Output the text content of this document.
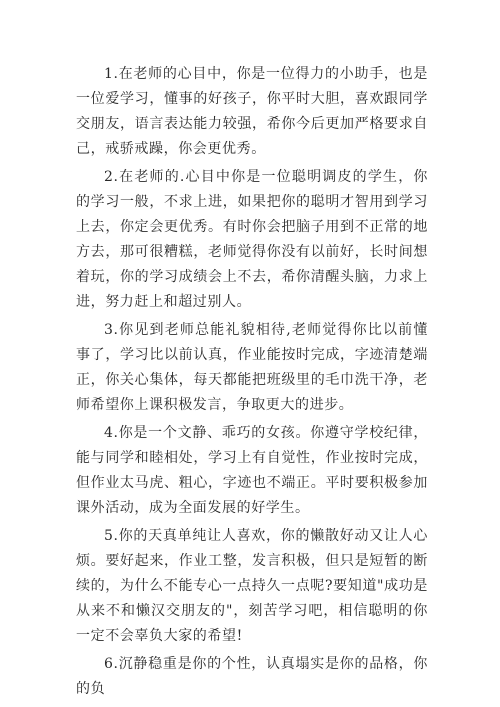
1.在老师的心目中，你是一位得力的小助手，也是一位爱学习，懂事的好孩子，你平时大胆，喜欢跟同学交朋友，语言表达能力较强，希你今后更加严格要求自己，戒骄戒躁，你会更优秀。

2.在老师的.心目中你是一位聪明调皮的学生，你的学习一般，不求上进，如果把你的聪明才智用到学习上去，你定会更优秀。有时你会把脑子用到不正常的地方去，那可很糟糕，老师觉得你没有以前好，长时间想着玩，你的学习成绩会上不去，希你清醒头脑，力求上进，努力赶上和超过别人。

3.你见到老师总能礼貌相待,老师觉得你比以前懂事了，学习比以前认真，作业能按时完成，字迹清楚端正，你关心集体，每天都能把班级里的毛巾洗干净，老师希望你上课积极发言，争取更大的进步。

4.你是一个文静、乖巧的女孩。你遵守学校纪律，能与同学和睦相处，学习上有自觉性，作业按时完成，但作业太马虎、粗心，字迹也不端正。平时要积极参加课外活动，成为全面发展的好学生。

5.你的天真单纯让人喜欢，你的懒散好动又让人心烦。要好起来，作业工整，发言积极，但只是短暂的断续的，为什么不能专心一点持久一点呢?要知道"成功是从来不和懒汉交朋友的"，刻苦学习吧，相信聪明的你一定不会辜负大家的希望!

6.沉静稳重是你的个性，认真塌实是你的品格，你的负
